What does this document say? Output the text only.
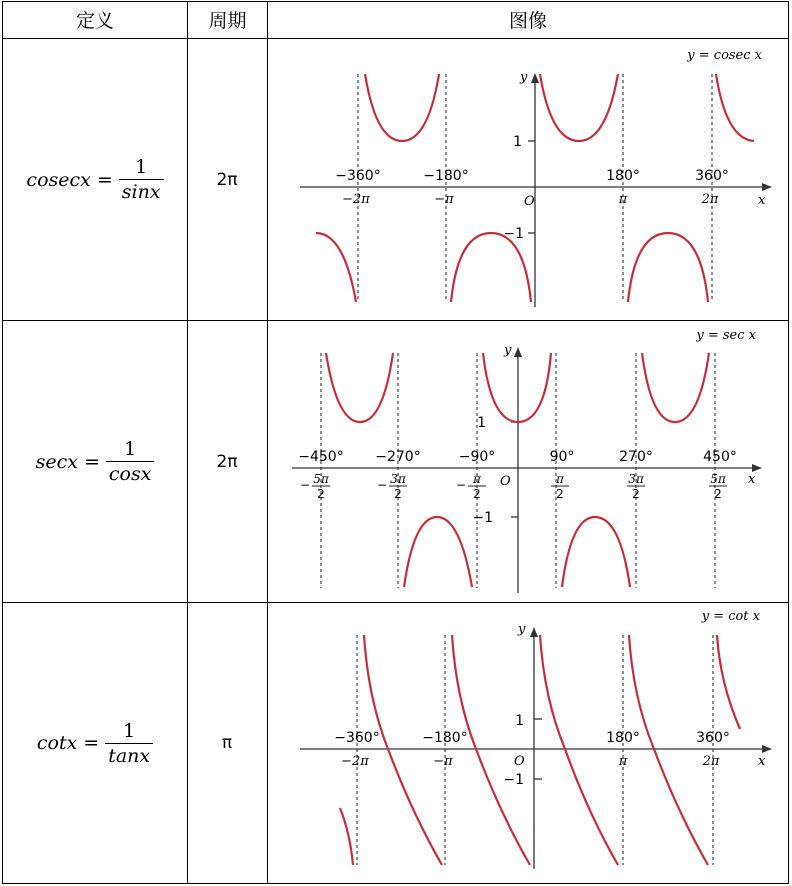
定义	周期	图像
$cosecx = \frac{1}{\sin x}$	2π
y = cosec x
y
x
O
1
−1
−360°	−180°	180°	360°
−2π	−π	π	2π
$\sec x = \frac{1}{\cos x}$	2π
y = sec x
y
x
O
1
−1
−450° −270°	−90°	90°	270°	450°
− 5π
2
− 3π
2
− π
2
π
2
3π
2
5π
2
$\cot x = \frac{1}{\tan x}$	π
y = cot x
y
x
O
1
−1
−360°	−180°	180°	360°
−2π	−π	π	2π
